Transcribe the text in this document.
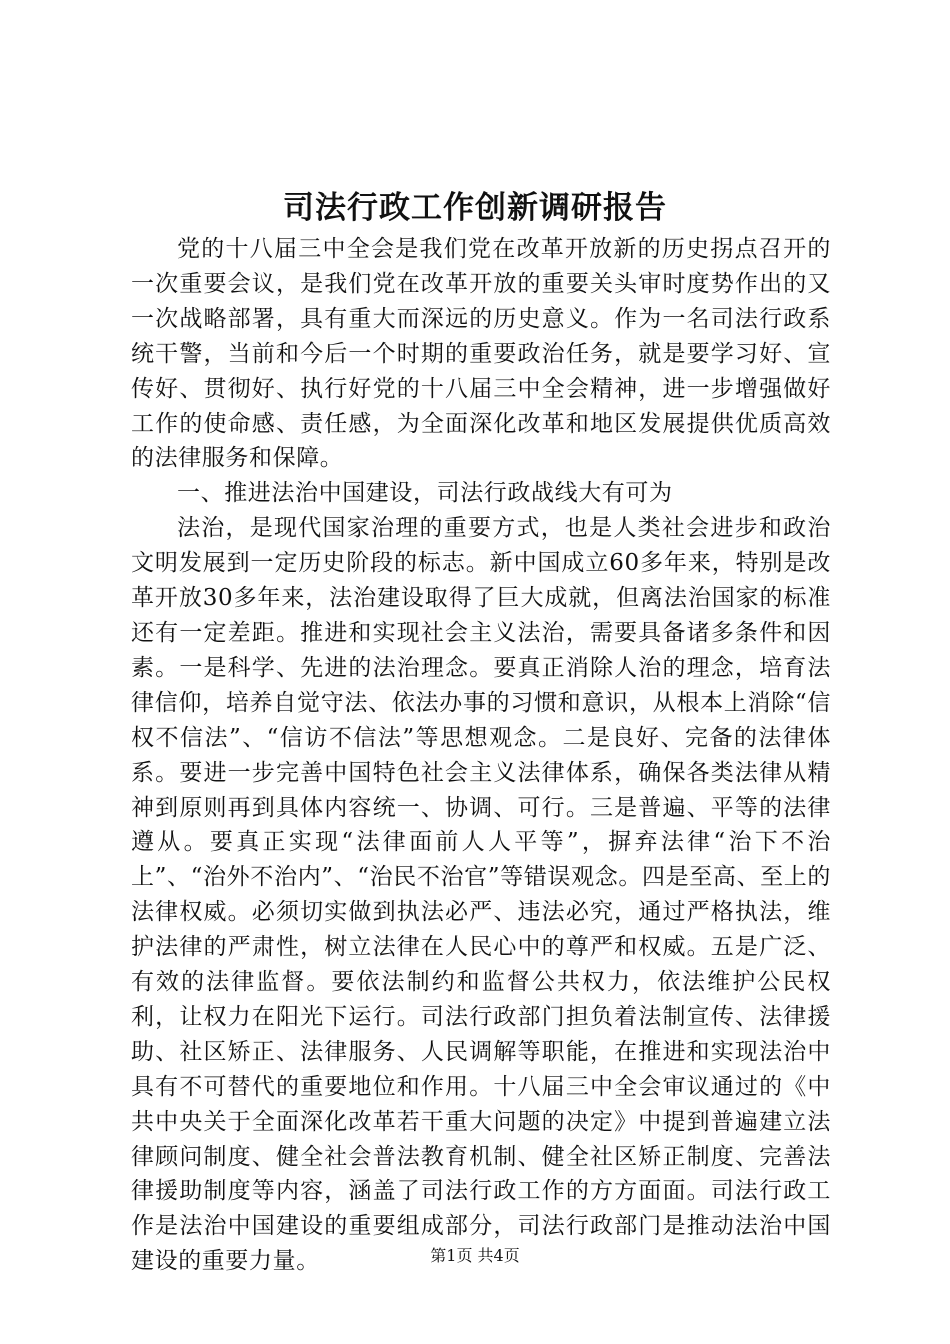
司法行政工作创新调研报告

党的十八届三中全会是我们党在改革开放新的历史拐点召开的一次重要会议，是我们党在改革开放的重要关头审时度势作出的又一次战略部署，具有重大而深远的历史意义。作为一名司法行政系统干警，当前和今后一个时期的重要政治任务，就是要学习好、宣传好、贯彻好、执行好党的十八届三中全会精神，进一步增强做好工作的使命感、责任感，为全面深化改革和地区发展提供优质高效的法律服务和保障。

一、推进法治中国建设，司法行政战线大有可为

法治，是现代国家治理的重要方式，也是人类社会进步和政治文明发展到一定历史阶段的标志。新中国成立60多年来，特别是改革开放30多年来，法治建设取得了巨大成就，但离法治国家的标准还有一定差距。推进和实现社会主义法治，需要具备诸多条件和因素。一是科学、先进的法治理念。要真正消除人治的理念，培育法律信仰，培养自觉守法、依法办事的习惯和意识，从根本上消除“信权不信法”、“信访不信法”等思想观念。二是良好、完备的法律体系。要进一步完善中国特色社会主义法律体系，确保各类法律从精神到原则再到具体内容统一、协调、可行。三是普遍、平等的法律遵从。要真正实现“法律面前人人平等”，摒弃法律“治下不治上”、“治外不治内”、“治民不治官”等错误观念。四是至高、至上的法律权威。必须切实做到执法必严、违法必究，通过严格执法，维护法律的严肃性，树立法律在人民心中的尊严和权威。五是广泛、有效的法律监督。要依法制约和监督公共权力，依法维护公民权利，让权力在阳光下运行。司法行政部门担负着法制宣传、法律援助、社区矫正、法律服务、人民调解等职能，在推进和实现法治中具有不可替代的重要地位和作用。十八届三中全会审议通过的《中共中央关于全面深化改革若干重大问题的决定》中提到普遍建立法律顾问制度、健全社会普法教育机制、健全社区矫正制度、完善法律援助制度等内容，涵盖了司法行政工作的方方面面。司法行政工作是法治中国建设的重要组成部分，司法行政部门是推动法治中国建设的重要力量。	第1页 共4页
